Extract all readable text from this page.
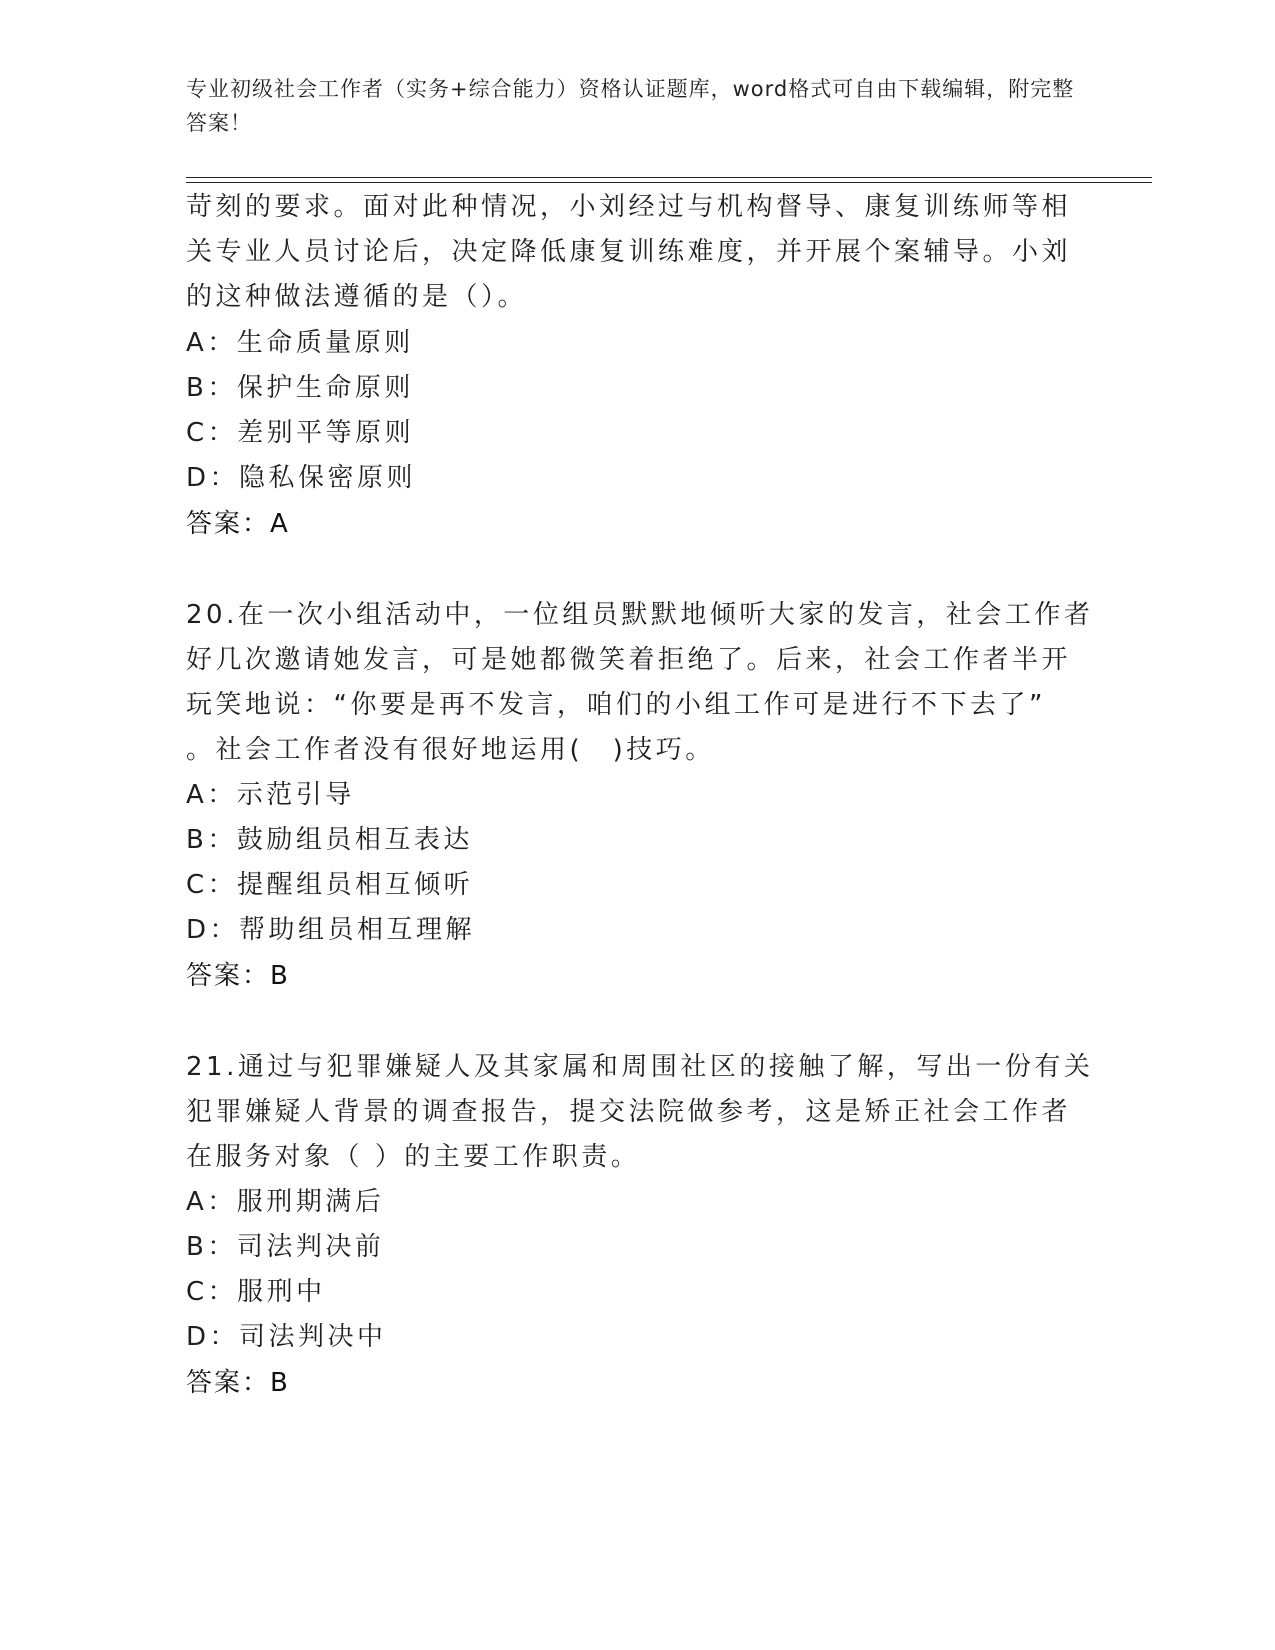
专业初级社会工作者（实务+综合能力）资格认证题库，word格式可自由下载编辑，附完整答案！
苛刻的要求。面对此种情况，小刘经过与机构督导、康复训练师等相
关专业人员讨论后，决定降低康复训练难度，并开展个案辅导。小刘
的这种做法遵循的是（）。
A：生命质量原则
B：保护生命原则
C：差别平等原则
D：隐私保密原则
答案：A
20.在一次小组活动中，一位组员默默地倾听大家的发言，社会工作者
好几次邀请她发言，可是她都微笑着拒绝了。后来，社会工作者半开
玩笑地说：“你要是再不发言，咱们的小组工作可是进行不下去了”
。社会工作者没有很好地运用(　)技巧。
A：示范引导
B：鼓励组员相互表达
C：提醒组员相互倾听
D：帮助组员相互理解
答案：B
21.通过与犯罪嫌疑人及其家属和周围社区的接触了解，写出一份有关
犯罪嫌疑人背景的调查报告，提交法院做参考，这是矫正社会工作者
在服务对象（ ）的主要工作职责。
A：服刑期满后
B：司法判决前
C：服刑中
D：司法判决中
答案：B
